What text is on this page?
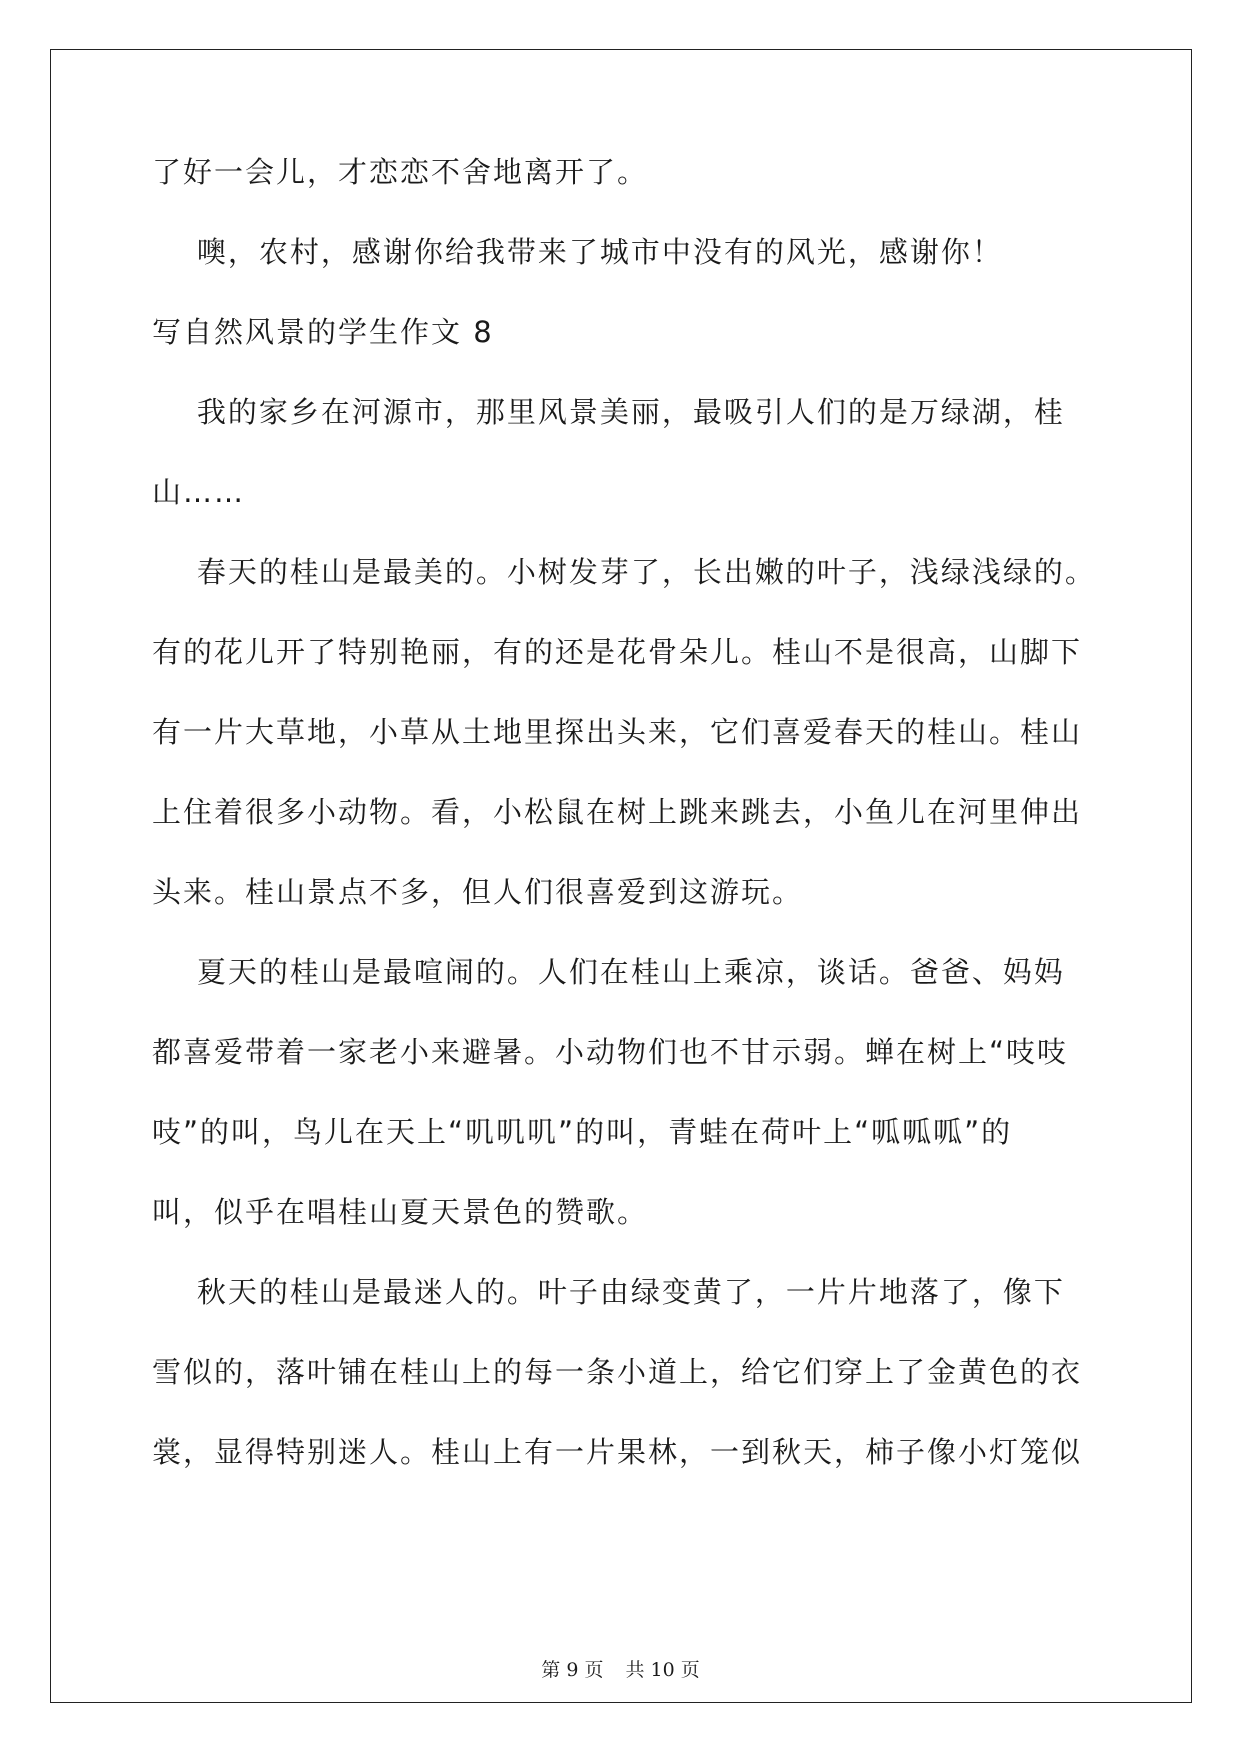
了好一会儿，才恋恋不舍地离开了。
噢，农村，感谢你给我带来了城市中没有的风光，感谢你！
写自然风景的学生作文 8
我的家乡在河源市，那里风景美丽，最吸引人们的是万绿湖，桂
山……
春天的桂山是最美的。小树发芽了，长出嫩的叶子，浅绿浅绿的。
有的花儿开了特别艳丽，有的还是花骨朵儿。桂山不是很高，山脚下
有一片大草地，小草从土地里探出头来，它们喜爱春天的桂山。桂山
上住着很多小动物。看，小松鼠在树上跳来跳去，小鱼儿在河里伸出
头来。桂山景点不多，但人们很喜爱到这游玩。
夏天的桂山是最喧闹的。人们在桂山上乘凉，谈话。爸爸、妈妈
都喜爱带着一家老小来避暑。小动物们也不甘示弱。蝉在树上“吱吱
吱”的叫，鸟儿在天上“叽叽叽”的叫，青蛙在荷叶上“呱呱呱”的
叫，似乎在唱桂山夏天景色的赞歌。
秋天的桂山是最迷人的。叶子由绿变黄了，一片片地落了，像下
雪似的，落叶铺在桂山上的每一条小道上，给它们穿上了金黄色的衣
裳，显得特别迷人。桂山上有一片果林，一到秋天，柿子像小灯笼似
第 9 页 共 10 页
